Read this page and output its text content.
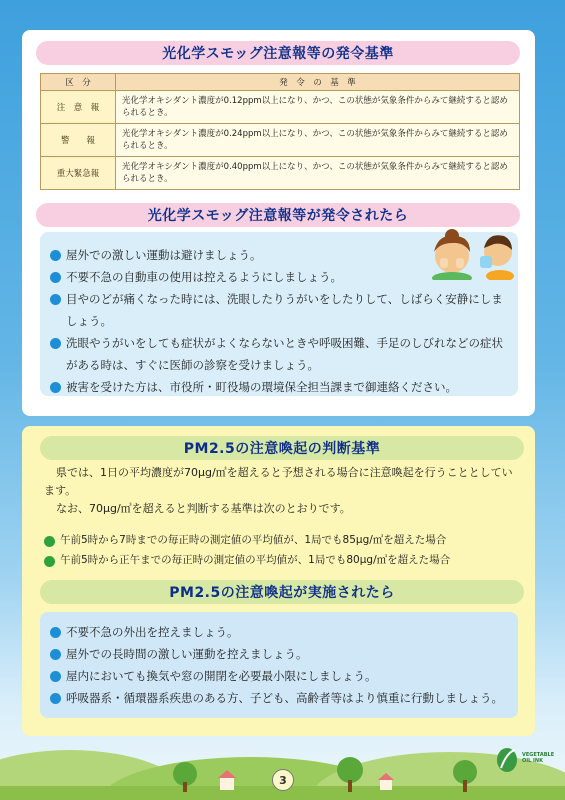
光化学スモッグ注意報等の発令基準
区　分	発　令　の　基　準
注　意　報	光化学オキシダント濃度が0.12ppm以上になり、かつ、この状態が気象条件からみて継続すると認められるとき。
警　　報	光化学オキシダント濃度が0.24ppm以上になり、かつ、この状態が気象条件からみて継続すると認められるとき。
重大緊急報	光化学オキシダント濃度が0.40ppm以上になり、かつ、この状態が気象条件からみて継続すると認められるとき。
光化学スモッグ注意報等が発令されたら
屋外での激しい運動は避けましょう。
不要不急の自動車の使用は控えるようにしましょう。
目やのどが痛くなった時には、洗眼したりうがいをしたりして、しばらく安静にしましょう。
洗眼やうがいをしても症状がよくならないときや呼吸困難、手足のしびれなどの症状がある時は、すぐに医師の診察を受けましょう。
被害を受けた方は、市役所・町役場の環境保全担当課まで御連絡ください。
PM2.5の注意喚起の判断基準

県では、1日の平均濃度が70μg/㎥を超えると予想される場合に注意喚起を行うこととしています。

なお、70μg/㎥を超えると判断する基準は次のとおりです。

午前5時から7時までの毎正時の測定値の平均値が、1局でも85μg/㎥を超えた場合
午前5時から正午までの毎正時の測定値の平均値が、1局でも80μg/㎥を超えた場合
PM2.5の注意喚起が実施されたら
不要不急の外出を控えましょう。
屋外での長時間の激しい運動を控えましょう。
屋内においても換気や窓の開閉を必要最小限にしましょう。
呼吸器系・循環器系疾患のある方、子ども、高齢者等はより慎重に行動しましょう。
3
VEGETABLE OIL INK
